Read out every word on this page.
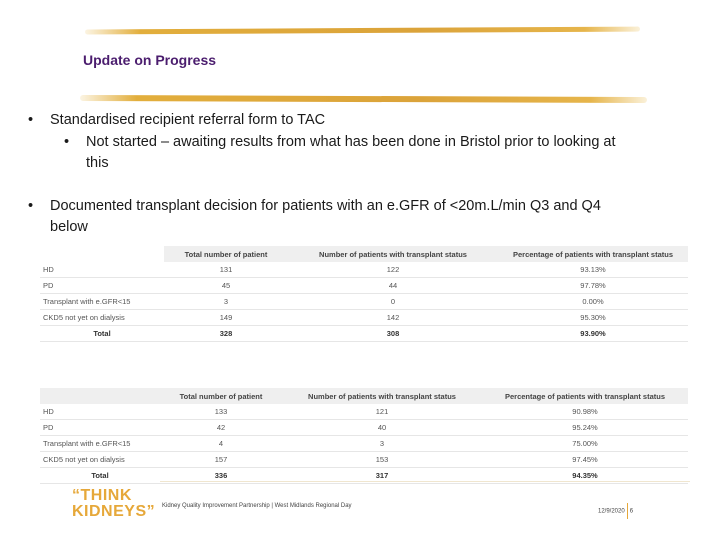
Update on Progress
• Standardised recipient referral form to TAC
• Not started – awaiting results from what has been done in Bristol prior to looking at
this
• Documented transplant decision for patients with an e.GFR of <20m.L/min Q3 and Q4
below
	Total number of patient	Number of patients with transplant status	Percentage of patients with transplant status
HD	131	122	93.13%
PD	45	44	97.78%
Transplant with e.GFR<15	3	0	0.00%
CKD5 not yet on dialysis	149	142	95.30%
Total	328	308	93.90%
	Total number of patient	Number of patients with transplant status	Percentage of patients with transplant status
HD	133	121	90.98%
PD	42	40	95.24%
Transplant with e.GFR<15	4	3	75.00%
CKD5 not yet on dialysis	157	153	97.45%
Total	336	317	94.35%
“THINK
KIDNEYS” Kidney Quality Improvement Partnership | West Midlands Regional Day
12/9/2020 6
